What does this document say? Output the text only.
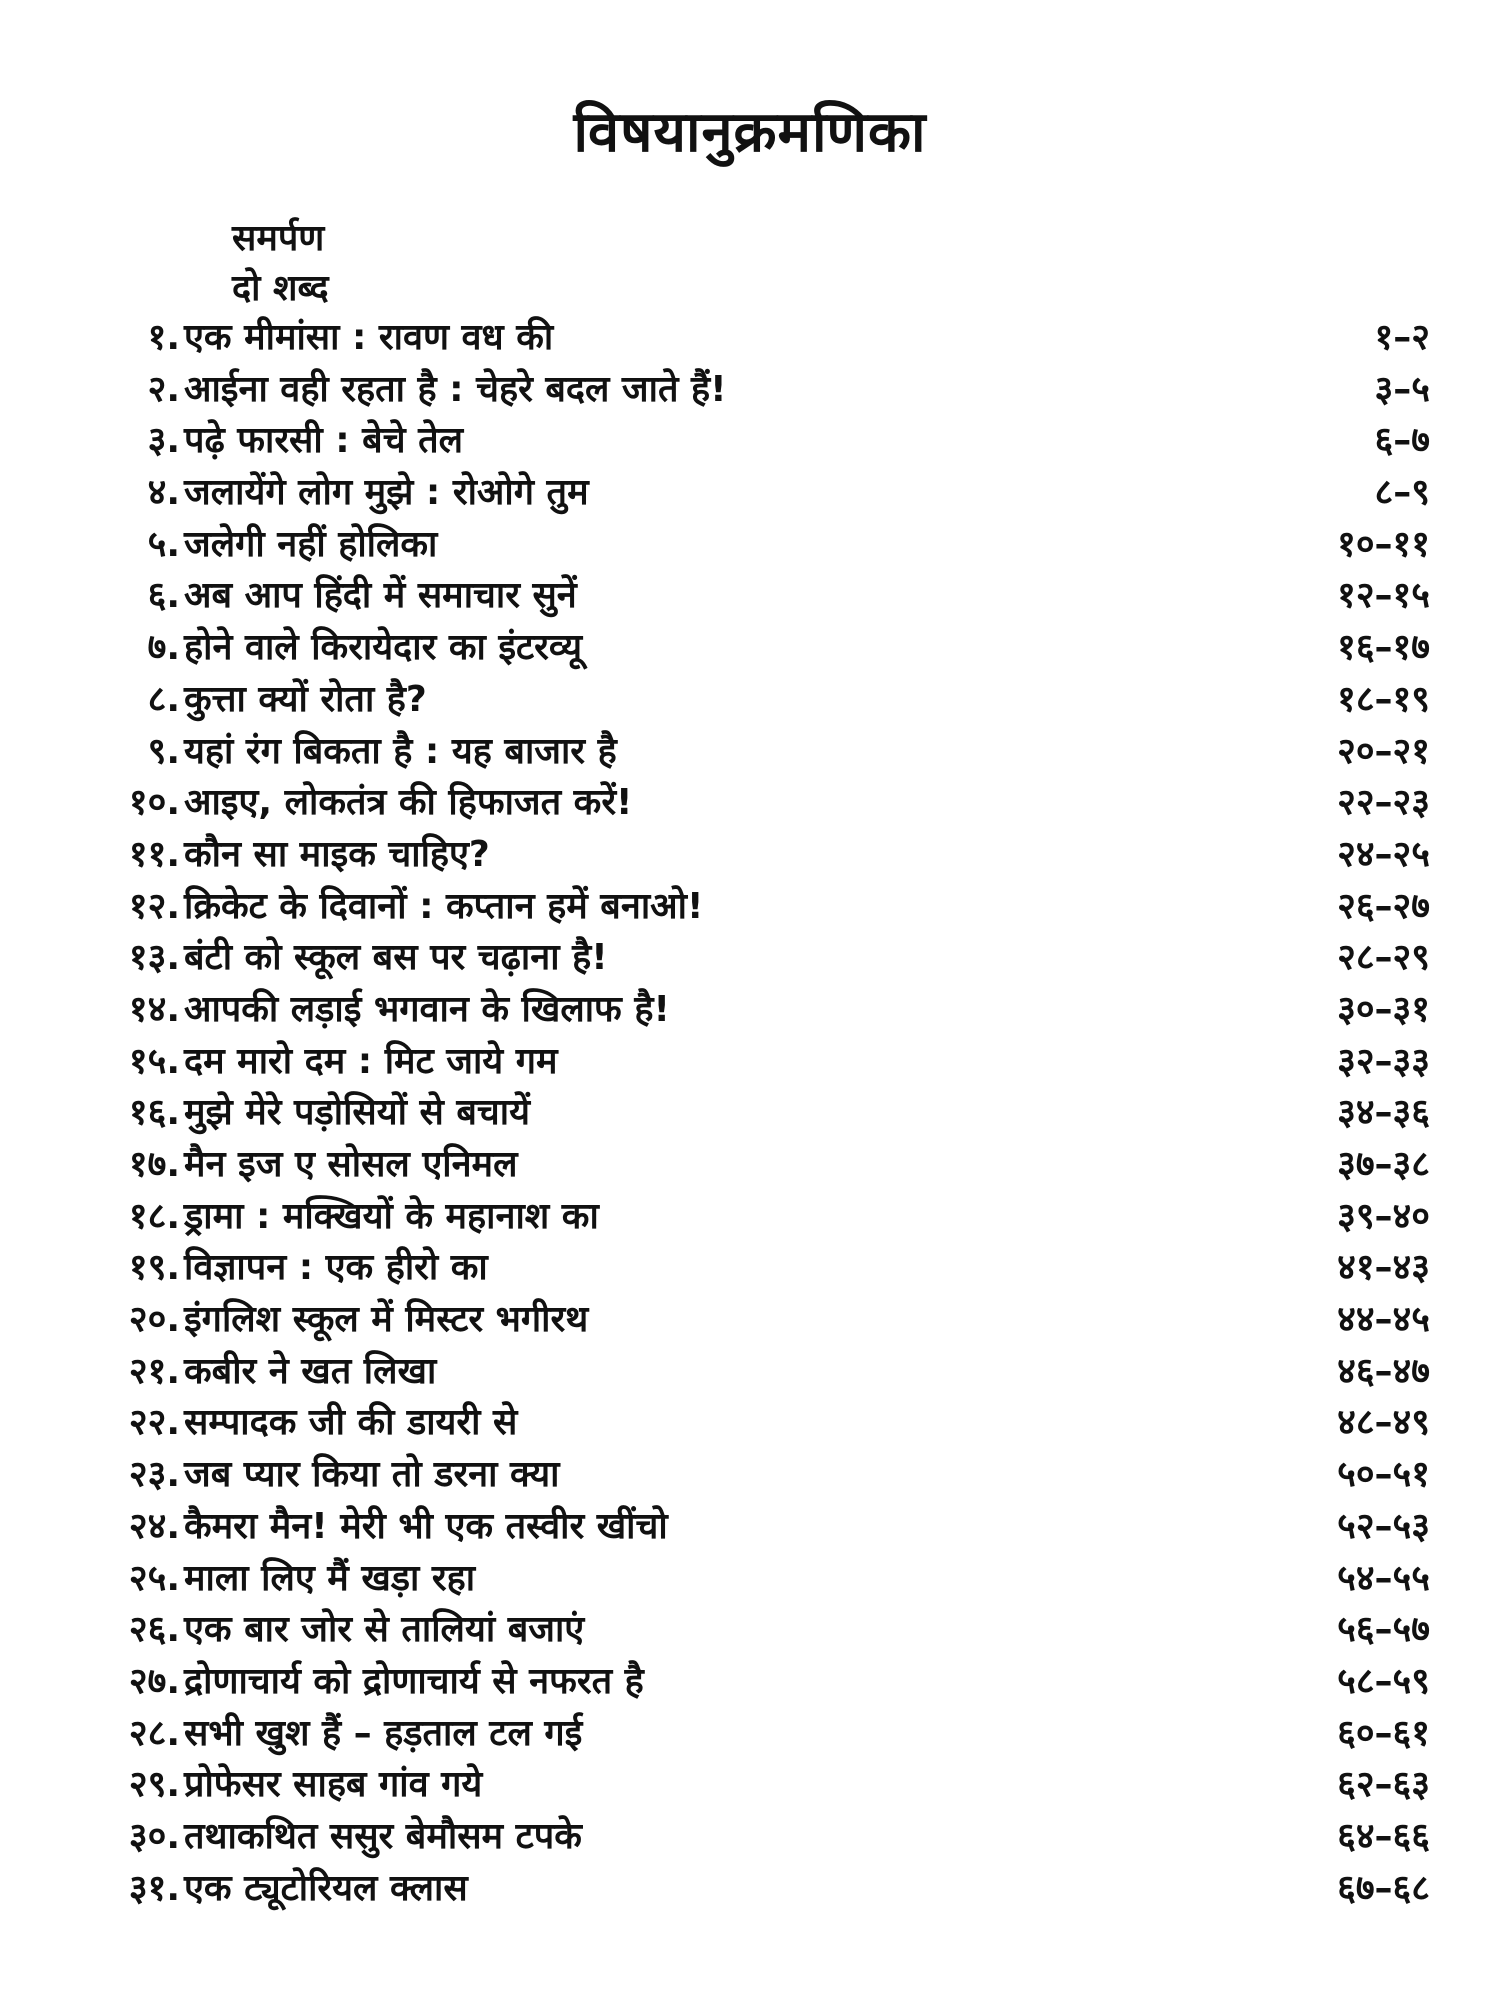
विषयानुक्रमणिका
समर्पण
दो शब्द
१. एक मीमांसा : रावण वध की	१–२
२. आईना वही रहता है : चेहरे बदल जाते हैं!	३–५
३. पढ़े फारसी : बेचे तेल	६–७
४. जलायेंगे लोग मुझे : रोओगे तुम	८–९
५. जलेगी नहीं होलिका	१०–११
६. अब आप हिंदी में समाचार सुनें	१२–१५
७. होने वाले किरायेदार का इंटरव्यू	१६–१७
८. कुत्ता क्यों रोता है?	१८–१९
९. यहां रंग बिकता है : यह बाजार है	२०–२१
१०. आइए, लोकतंत्र की हिफाजत करें!	२२–२३
११. कौन सा माइक चाहिए?	२४–२५
१२. क्रिकेट के दिवानों : कप्तान हमें बनाओ!	२६–२७
१३. बंटी को स्कूल बस पर चढ़ाना है!	२८–२९
१४. आपकी लड़ाई भगवान के खिलाफ है!	३०–३१
१५. दम मारो दम : मिट जाये गम	३२–३३
१६. मुझे मेरे पड़ोसियों से बचायें	३४–३६
१७. मैन इज ए सोसल एनिमल	३७–३८
१८. ड्रामा : मक्खियों के महानाश का	३९–४०
१९. विज्ञापन : एक हीरो का	४१–४३
२०. इंगलिश स्कूल में मिस्टर भगीरथ	४४–४५
२१. कबीर ने खत लिखा	४६–४७
२२. सम्पादक जी की डायरी से	४८–४९
२३. जब प्यार किया तो डरना क्या	५०–५१
२४. कैमरा मैन! मेरी भी एक तस्वीर खींचो	५२–५३
२५. माला लिए मैं खड़ा रहा	५४–५५
२६. एक बार जोर से तालियां बजाएं	५६–५७
२७. द्रोणाचार्य को द्रोणाचार्य से नफरत है	५८–५९
२८. सभी खुश हैं – हड़ताल टल गई	६०–६१
२९. प्रोफेसर साहब गांव गये	६२–६३
३०. तथाकथित ससुर बेमौसम टपके	६४–६६
३१. एक ट्यूटोरियल क्लास	६७–६८
